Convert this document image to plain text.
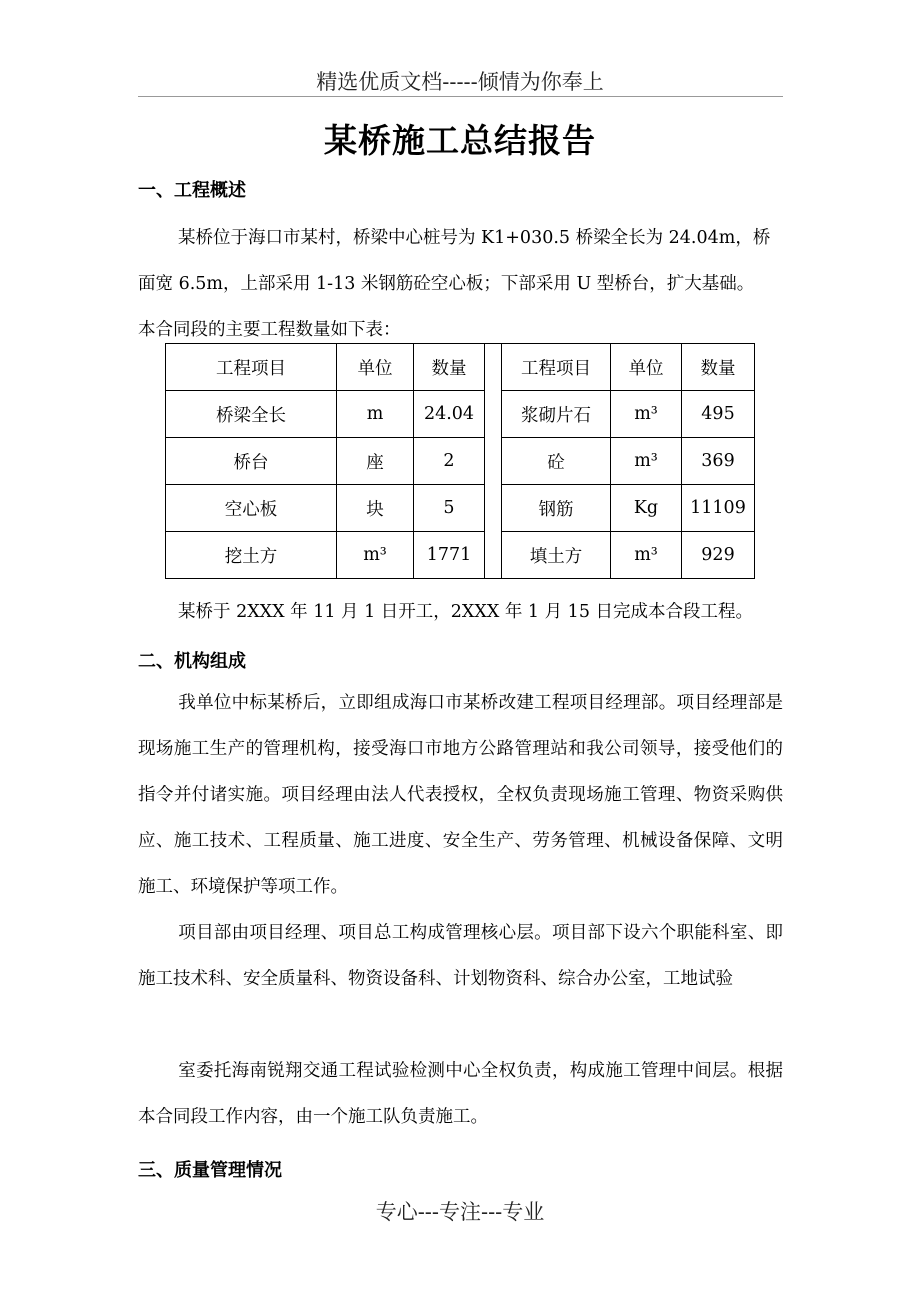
精选优质文档-----倾情为你奉上
某桥施工总结报告
一、工程概述
某桥位于海口市某村，桥梁中心桩号为 K1+030.5 桥梁全长为 24.04m，桥
面宽 6.5m，上部采用 1-13 米钢筋砼空心板；下部采用 U 型桥台，扩大基础。
本合同段的主要工程数量如下表：
工程项目	单位	数量		工程项目	单位	数量
桥梁全长	m	24.04		浆砌片石	m³	495
桥台	座	2		砼	m³	369
空心板	块	5		钢筋	Kg	11109
挖土方	m³	1771		填土方	m³	929
某桥于 2XXX 年 11 月 1 日开工，2XXX 年 1 月 15 日完成本合段工程。
二、机构组成
我单位中标某桥后，立即组成海口市某桥改建工程项目经理部。项目经理部是现场施工生产的管理机构，接受海口市地方公路管理站和我公司领导，接受他们的指令并付诸实施。项目经理由法人代表授权，全权负责现场施工管理、物资采购供应、施工技术、工程质量、施工进度、安全生产、劳务管理、机械设备保障、文明施工、环境保护等项工作。
项目部由项目经理、项目总工构成管理核心层。项目部下设六个职能科室、即施工技术科、安全质量科、物资设备科、计划物资科、综合办公室，工地试验
室委托海南锐翔交通工程试验检测中心全权负责，构成施工管理中间层。根据本合同段工作内容，由一个施工队负责施工。
三、质量管理情况
专心---专注---专业
